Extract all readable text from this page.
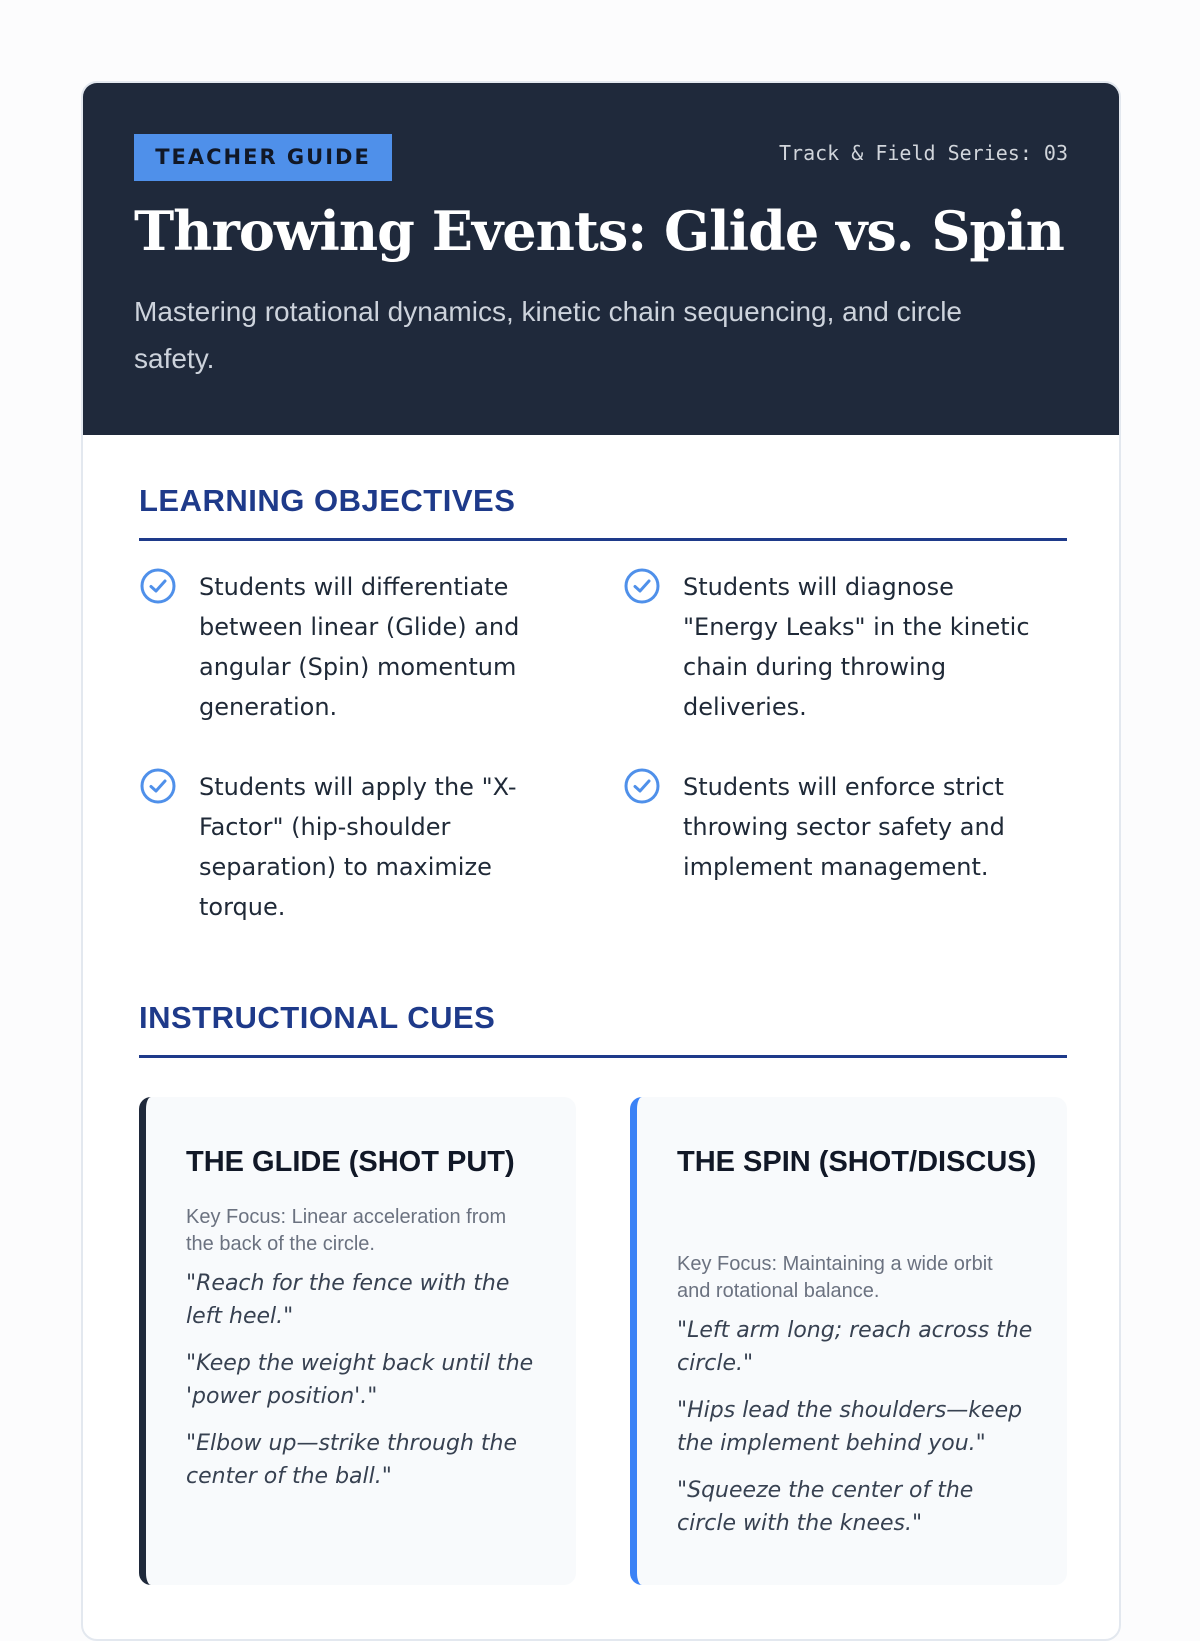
TEACHER GUIDE	Track & Field Series: 03
Throwing Events: Glide vs. Spin
Mastering rotational dynamics, kinetic chain sequencing, and circle safety.
LEARNING OBJECTIVES
Students will differentiate between linear (Glide) and angular (Spin) momentum generation.
Students will diagnose "Energy Leaks" in the kinetic chain during throwing deliveries.
Students will apply the "X-Factor" (hip-shoulder separation) to maximize torque.
Students will enforce strict throwing sector safety and implement management.
INSTRUCTIONAL CUES
THE GLIDE (SHOT PUT)
Key Focus: Linear acceleration from the back of the circle.
"Reach for the fence with the left heel."
"Keep the weight back until the 'power position'."
"Elbow up—strike through the center of the ball."
THE SPIN (SHOT/DISCUS)
Key Focus: Maintaining a wide orbit and rotational balance.
"Left arm long; reach across the circle."
"Hips lead the shoulders—keep the implement behind you."
"Squeeze the center of the circle with the knees."
